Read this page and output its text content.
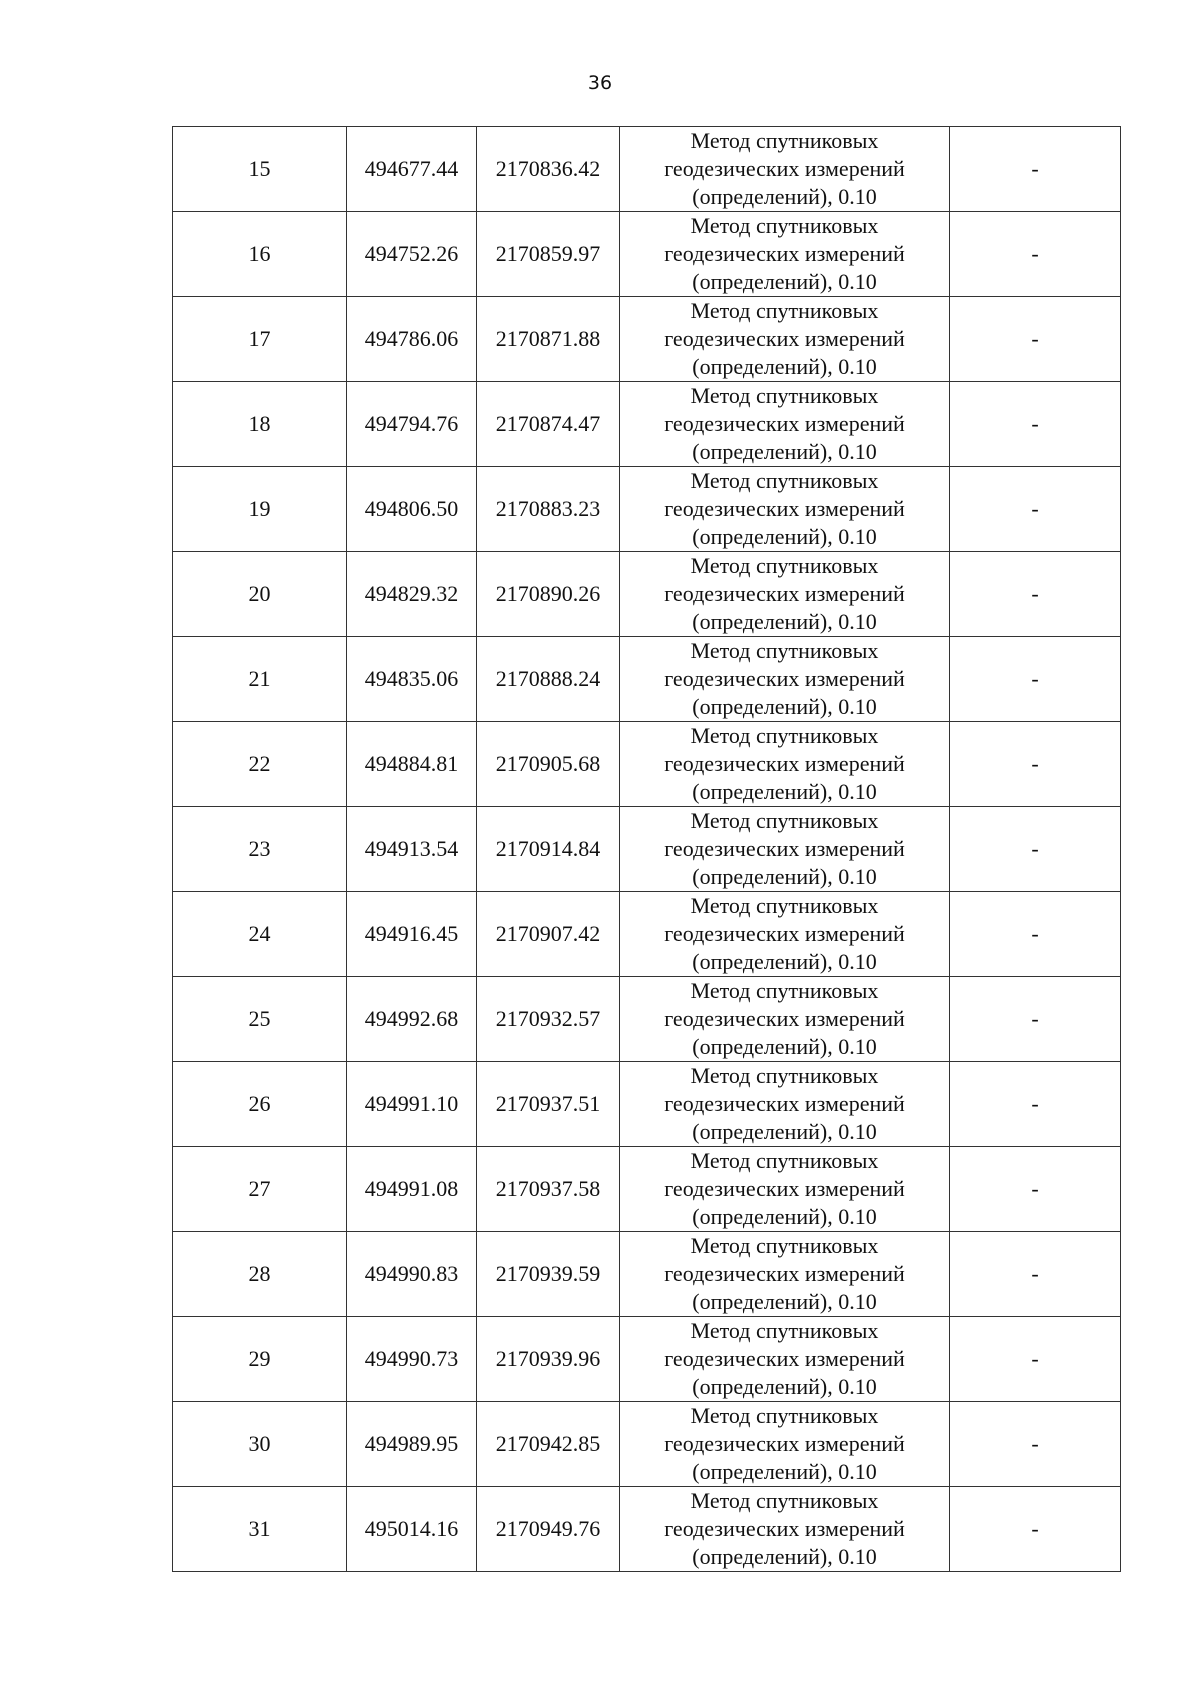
36
15	494677.44	2170836.42	Метод спутниковых
геодезических измерений
(определений), 0.10	-
16	494752.26	2170859.97	Метод спутниковых
геодезических измерений
(определений), 0.10	-
17	494786.06	2170871.88	Метод спутниковых
геодезических измерений
(определений), 0.10	-
18	494794.76	2170874.47	Метод спутниковых
геодезических измерений
(определений), 0.10	-
19	494806.50	2170883.23	Метод спутниковых
геодезических измерений
(определений), 0.10	-
20	494829.32	2170890.26	Метод спутниковых
геодезических измерений
(определений), 0.10	-
21	494835.06	2170888.24	Метод спутниковых
геодезических измерений
(определений), 0.10	-
22	494884.81	2170905.68	Метод спутниковых
геодезических измерений
(определений), 0.10	-
23	494913.54	2170914.84	Метод спутниковых
геодезических измерений
(определений), 0.10	-
24	494916.45	2170907.42	Метод спутниковых
геодезических измерений
(определений), 0.10	-
25	494992.68	2170932.57	Метод спутниковых
геодезических измерений
(определений), 0.10	-
26	494991.10	2170937.51	Метод спутниковых
геодезических измерений
(определений), 0.10	-
27	494991.08	2170937.58	Метод спутниковых
геодезических измерений
(определений), 0.10	-
28	494990.83	2170939.59	Метод спутниковых
геодезических измерений
(определений), 0.10	-
29	494990.73	2170939.96	Метод спутниковых
геодезических измерений
(определений), 0.10	-
30	494989.95	2170942.85	Метод спутниковых
геодезических измерений
(определений), 0.10	-
31	495014.16	2170949.76	Метод спутниковых
геодезических измерений
(определений), 0.10	-
